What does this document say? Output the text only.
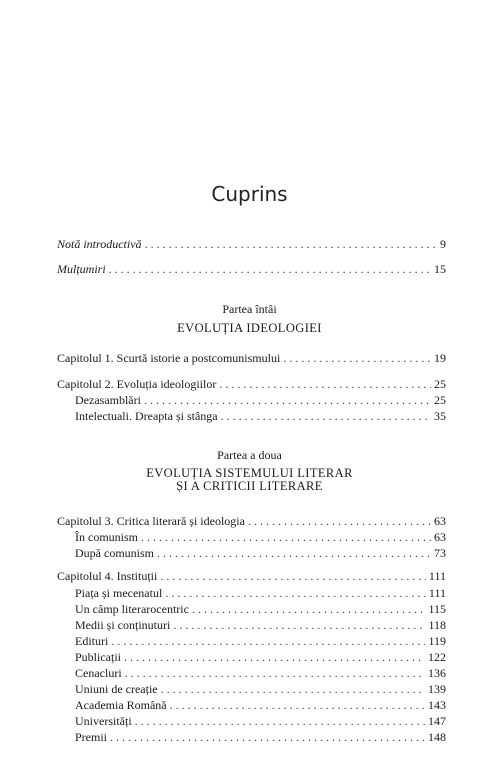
Cuprins
Notă introductivă . . .	9
Mulțumiri . . .	15
Partea întâi
EVOLUȚIA IDEOLOGIEI
Capitolul 1. Scurtă istorie a postcomunismului . . .	19
Capitolul 2. Evoluția ideologiilor . . .	25
Dezasamblări . . .	25
Intelectuali. Dreapta și stânga . . .	35
Partea a doua
EVOLUȚIA SISTEMULUI LITERAR
ȘI A CRITICII LITERARE
Capitolul 3. Critica literară și ideologia . . .	63
În comunism . . .	63
După comunism . . .	73
Capitolul 4. Instituții . . .	111
Piața și mecenatul . . .	111
Un câmp literarocentric . . .	115
Medii și conținuturi . . .	118
Edituri . . .	119
Publicații . . .	122
Cenacluri . . .	136
Uniuni de creație . . .	139
Academia Română . . .	143
Universități . . .	147
Premii . . .	148
